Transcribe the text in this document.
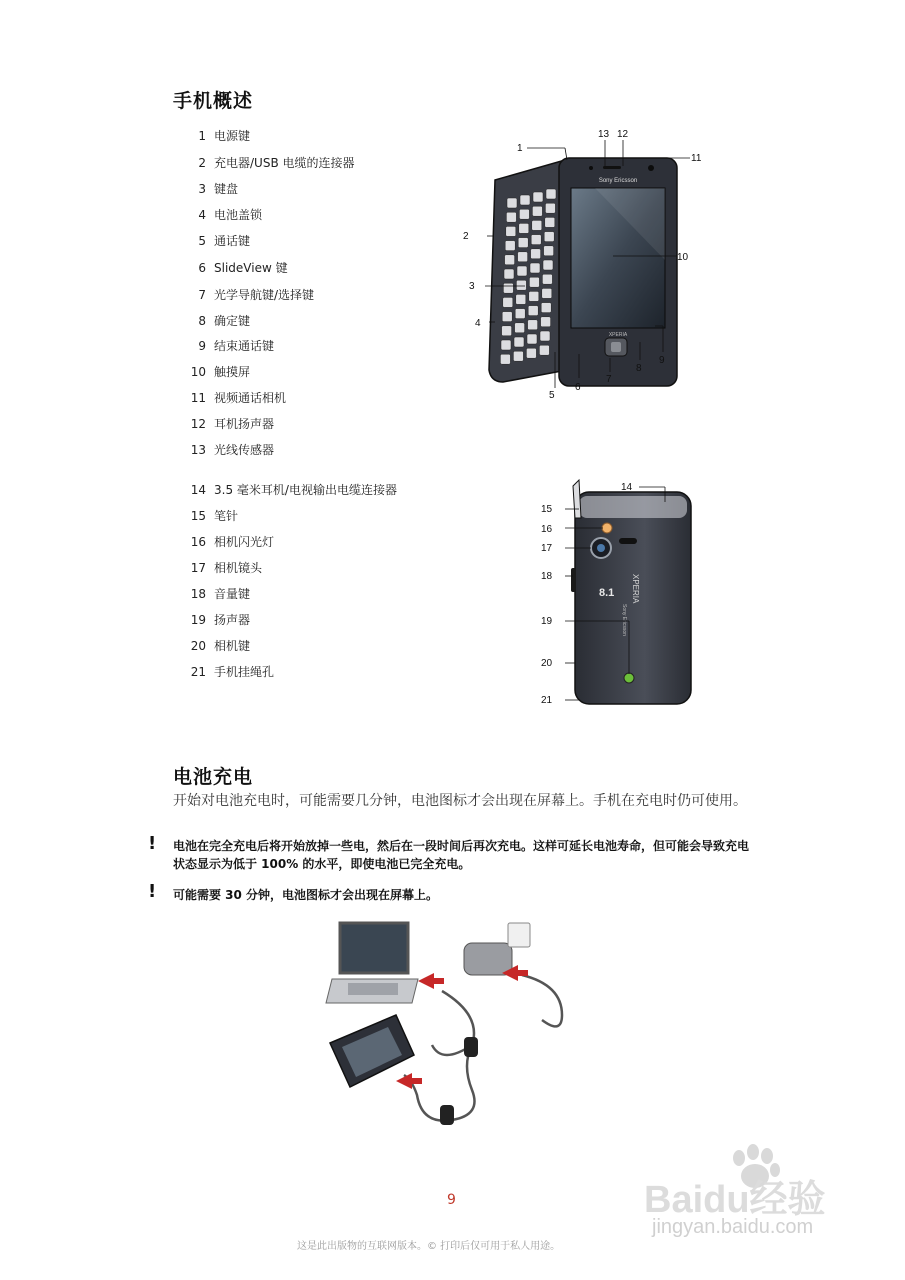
手机概述
1 电源键
2 充电器/USB 电缆的连接器
3 键盘
4 电池盖锁
5 通话键
6 SlideView 键
7 光学导航键/选择键
8 确定键
9 结束通话键
10 触摸屏
11 视频通话相机
12 耳机扬声器
13 光线传感器
14 3.5 毫米耳机/电视输出电缆连接器
15 笔针
16 相机闪光灯
17 相机镜头
18 音量键
19 扬声器
20 相机键
21 手机挂绳孔
Sony Ericsson
XPERIA
1
2
3
4
5
6
7
8
9
10
11
12
13
8.1 XPERIA
Sony Ericsson
14
15
16
17
18
19
20
21
电池充电
开始对电池充电时，可能需要几分钟，电池图标才会出现在屏幕上。手机在充电时仍可使用。
! 电池在完全充电后将开始放掉一些电，然后在一段时间后再次充电。这样可延长电池寿命，但可能会导致充电状态显示为低于 100% 的水平，即使电池已完全充电。
! 可能需要 30 分钟，电池图标才会出现在屏幕上。
9
这是此出版物的互联网版本。© 打印后仅可用于私人用途。
Baidu经验
jingyan.baidu.com
